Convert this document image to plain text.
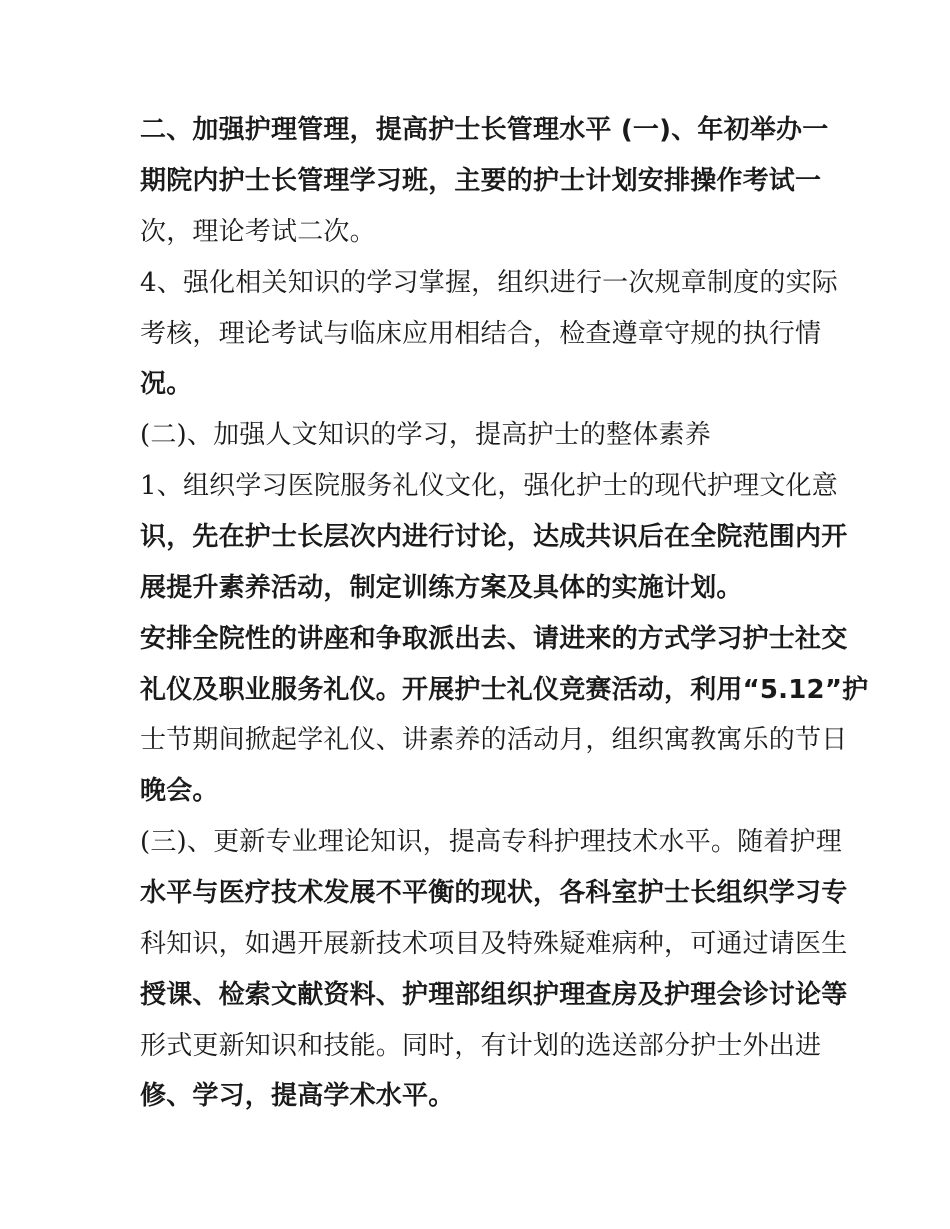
二、加强护理管理，提高护士长管理水平 (一)、年初举办一
期院内护士长管理学习班，主要的护士计划安排操作考试一
次，理论考试二次。
4、强化相关知识的学习掌握，组织进行一次规章制度的实际
考核，理论考试与临床应用相结合，检查遵章守规的执行情
况。
(二)、加强人文知识的学习，提高护士的整体素养
1、组织学习医院服务礼仪文化，强化护士的现代护理文化意
识，先在护士长层次内进行讨论，达成共识后在全院范围内开
展提升素养活动，制定训练方案及具体的实施计划。
安排全院性的讲座和争取派出去、请进来的方式学习护士社交
礼仪及职业服务礼仪。开展护士礼仪竞赛活动，利用“5.12”护
士节期间掀起学礼仪、讲素养的活动月，组织寓教寓乐的节日
晚会。
(三)、更新专业理论知识，提高专科护理技术水平。随着护理
水平与医疗技术发展不平衡的现状，各科室护士长组织学习专
科知识，如遇开展新技术项目及特殊疑难病种，可通过请医生
授课、检索文献资料、护理部组织护理查房及护理会诊讨论等
形式更新知识和技能。同时，有计划的选送部分护士外出进
修、学习，提高学术水平。
